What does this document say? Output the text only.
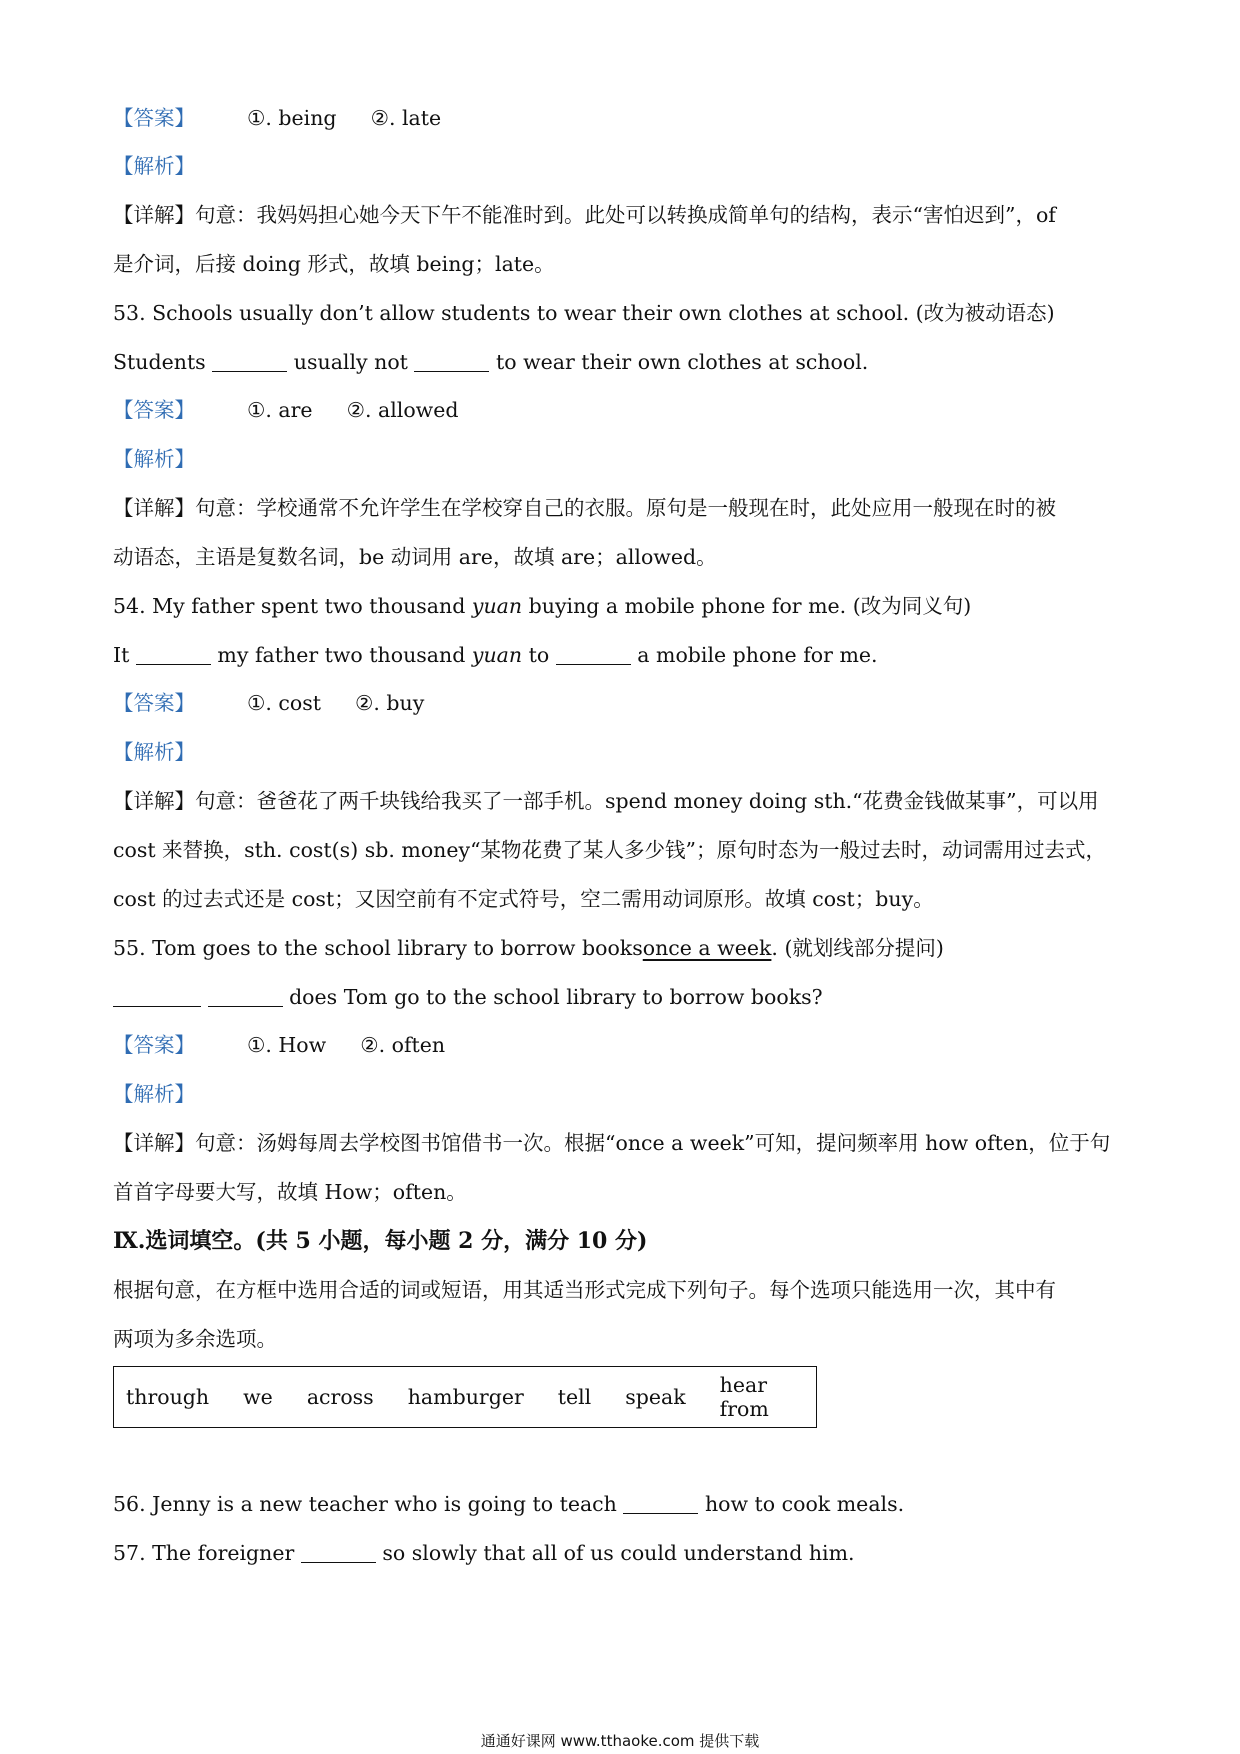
【答案】	①. being ②. late
【解析】
【详解】句意：我妈妈担心她今天下午不能准时到。此处可以转换成简单句的结构，表示“害怕迟到”，of
是介词，后接 doing 形式，故填 being；late。
53. Schools usually don’t allow students to wear their own clothes at school. (改为被动语态)
Students	usually not	to wear their own clothes at school.
【答案】	①. are ②. allowed
【解析】
【详解】句意：学校通常不允许学生在学校穿自己的衣服。原句是一般现在时，此处应用一般现在时的被
动语态，主语是复数名词，be 动词用 are，故填 are；allowed。
54. My father spent two thousand yuan buying a mobile phone for me. (改为同义句)
It	my father two thousand yuan to	a mobile phone for me.
【答案】	①. cost ②. buy
【解析】
【详解】句意：爸爸花了两千块钱给我买了一部手机。spend money doing sth.“花费金钱做某事”，可以用
cost 来替换，sth. cost(s) sb. money“某物花费了某人多少钱”；原句时态为一般过去时，动词需用过去式，
cost 的过去式还是 cost；又因空前有不定式符号，空二需用动词原形。故填 cost；buy。
55. Tom goes to the school library to borrow booksonce a week. (就划线部分提问)
does Tom go to the school library to borrow books?
【答案】	①. How ②. often
【解析】
【详解】句意：汤姆每周去学校图书馆借书一次。根据“once a week”可知，提问频率用 how often，位于句
首首字母要大写，故填 How；often。
Ⅸ.选词填空。(共 5 小题，每小题 2 分，满分 10 分)
根据句意，在方框中选用合适的词或短语，用其适当形式完成下列句子。每个选项只能选用一次，其中有
两项为多余选项。
through we across hamburger tell speak hear from
56. Jenny is a new teacher who is going to teach	how to cook meals.
57. The foreigner	so slowly that all of us could understand him.
通通好课网 www.tthaoke.com 提供下载
